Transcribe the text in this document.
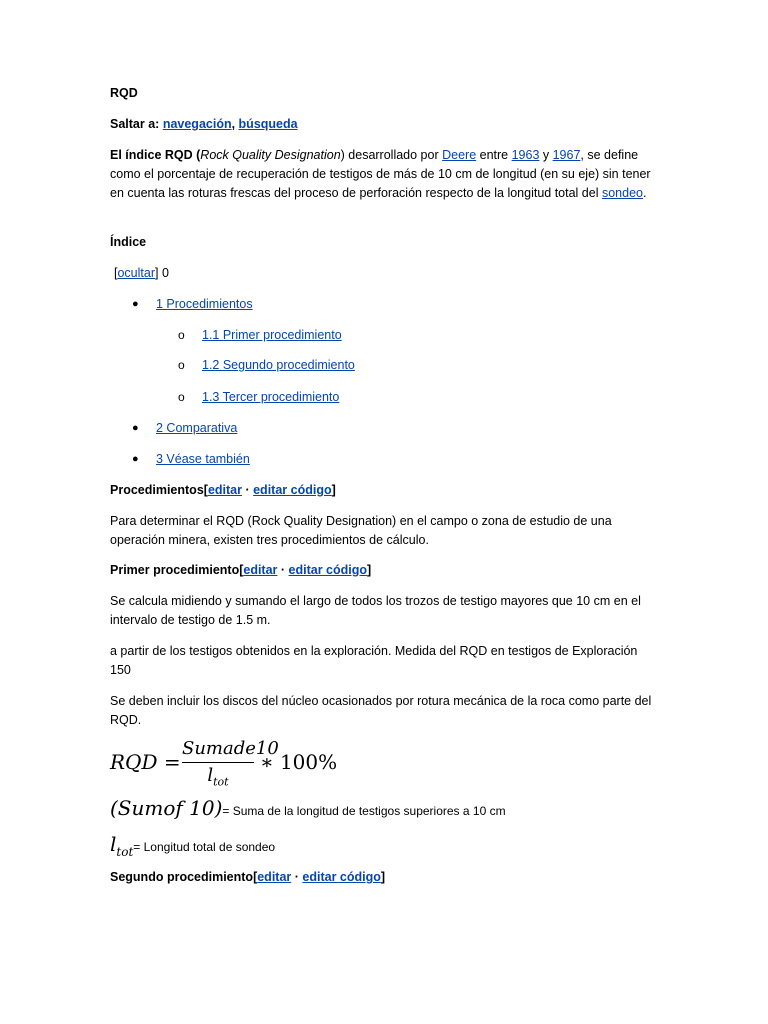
RQD
Saltar a: navegación, búsqueda
El índice RQD (Rock Quality Designation) desarrollado por Deere entre 1963 y 1967, se define como el porcentaje de recuperación de testigos de más de 10 cm de longitud (en su eje) sin tener en cuenta las roturas frescas del proceso de perforación respecto de la longitud total del sondeo.
Índice
[ocultar] 0
● 1 Procedimientos
o 1.1 Primer procedimiento
o 1.2 Segundo procedimiento
o 1.3 Tercer procedimiento
● 2 Comparativa
● 3 Véase también
Procedimientos[editar · editar código]
Para determinar el RQD (Rock Quality Designation) en el campo o zona de estudio de una operación minera, existen tres procedimientos de cálculo.
Primer procedimiento[editar · editar código]
Se calcula midiendo y sumando el largo de todos los trozos de testigo mayores que 10 cm en el intervalo de testigo de 1.5 m.
a partir de los testigos obtenidos en la exploración. Medida del RQD en testigos de Exploración 150
Se deben incluir los discos del núcleo ocasionados por rotura mecánica de la roca como parte del RQD.
RQD =
Sumade10
$l_{tot}$
∗ 100%
(Sumof 10)= Suma de la longitud de testigos superiores a 10 cm
$l_{tot}=$ Longitud total de sondeo
Segundo procedimiento[editar · editar código]
